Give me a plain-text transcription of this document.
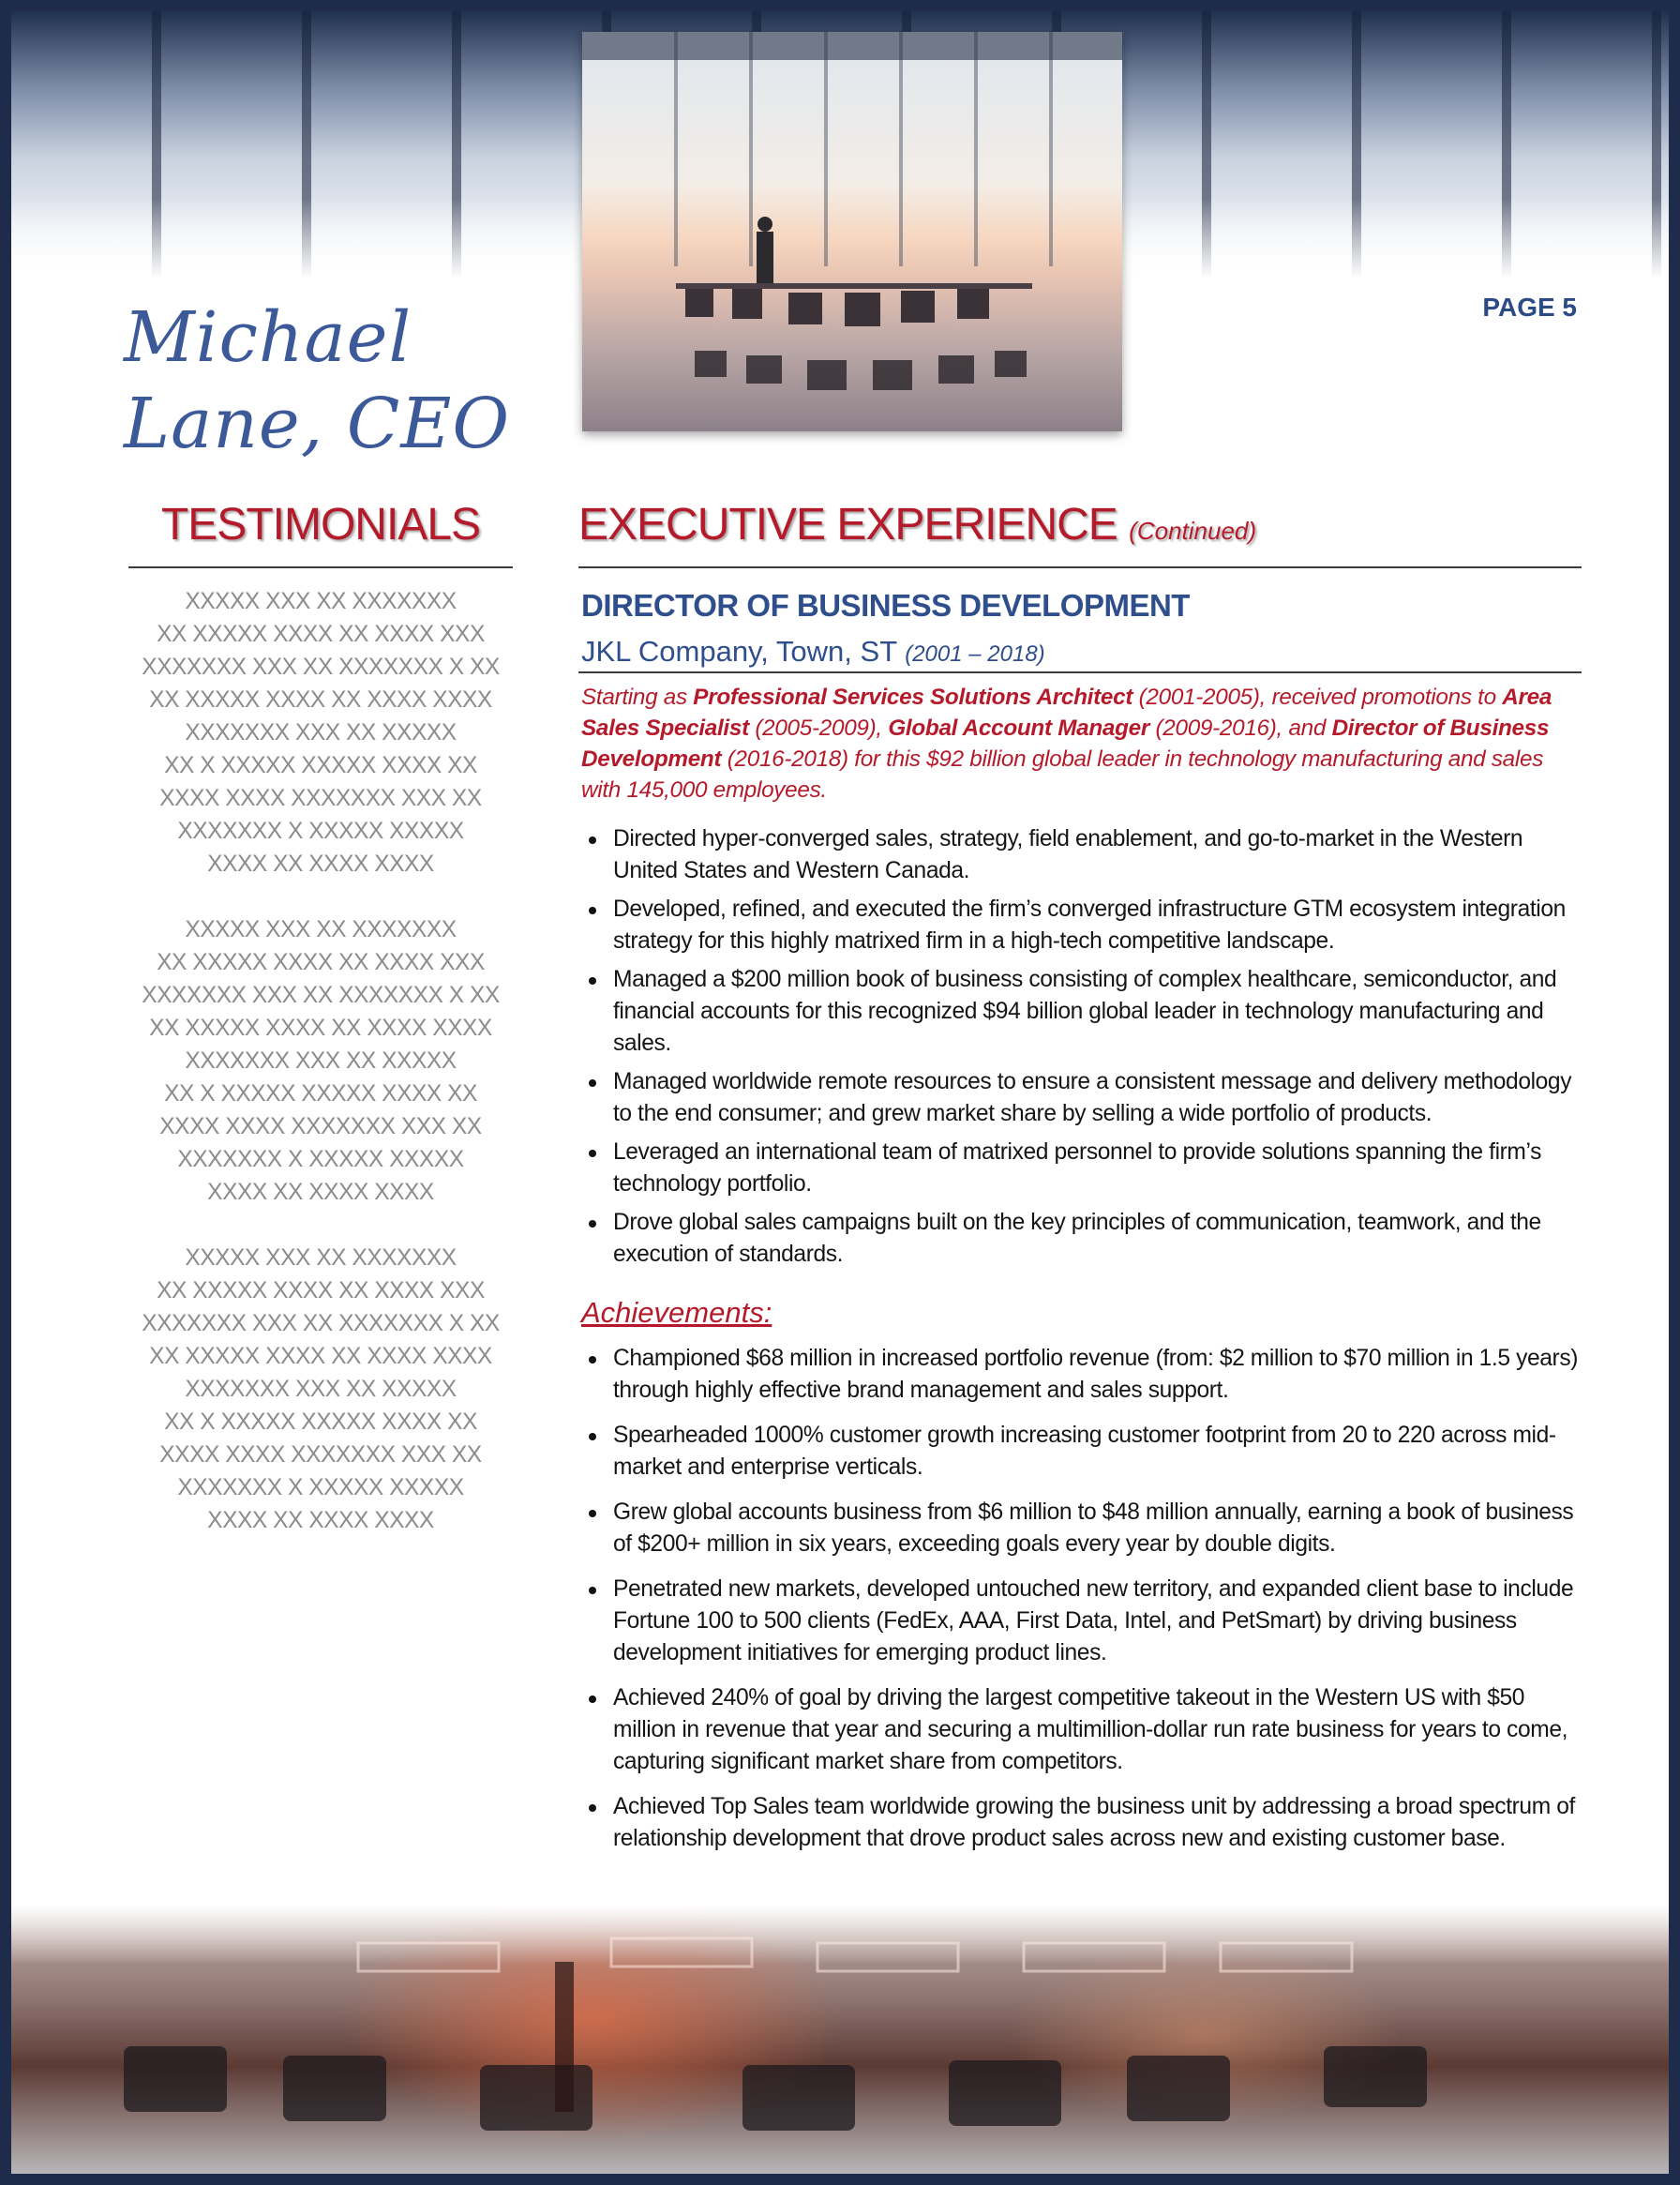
Michael
Lane, CEO
PAGE 5
TESTIMONIALS
XXXXX XXX XX XXXXXXX
XX XXXXX XXXX XX XXXX XXX
XXXXXXX XXX XX XXXXXXX X XX
XX XXXXX XXXX XX XXXX XXXX
XXXXXXX XXX XX XXXXX
XX X XXXXX XXXXX XXXX XX
XXXX XXXX XXXXXXX XXX XX
XXXXXXX X XXXXX XXXXX
XXXX XX XXXX XXXX
XXXXX XXX XX XXXXXXX
XX XXXXX XXXX XX XXXX XXX
XXXXXXX XXX XX XXXXXXX X XX
XX XXXXX XXXX XX XXXX XXXX
XXXXXXX XXX XX XXXXX
XX X XXXXX XXXXX XXXX XX
XXXX XXXX XXXXXXX XXX XX
XXXXXXX X XXXXX XXXXX
XXXX XX XXXX XXXX
XXXXX XXX XX XXXXXXX
XX XXXXX XXXX XX XXXX XXX
XXXXXXX XXX XX XXXXXXX X XX
XX XXXXX XXXX XX XXXX XXXX
XXXXXXX XXX XX XXXXX
XX X XXXXX XXXXX XXXX XX
XXXX XXXX XXXXXXX XXX XX
XXXXXXX X XXXXX XXXXX
XXXX XX XXXX XXXX
EXECUTIVE EXPERIENCE (Continued)
DIRECTOR OF BUSINESS DEVELOPMENT
JKL Company, Town, ST (2001 – 2018)
Starting as Professional Services Solutions Architect (2001-2005), received promotions to Area Sales Specialist (2005-2009), Global Account Manager (2009-2016), and Director of Business Development (2016-2018) for this $92 billion global leader in technology manufacturing and sales with 145,000 employees.
Directed hyper-converged sales, strategy, field enablement, and go-to-market in the Western United States and Western Canada.
Developed, refined, and executed the firm’s converged infrastructure GTM ecosystem integration strategy for this highly matrixed firm in a high-tech competitive landscape.
Managed a $200 million book of business consisting of complex healthcare, semiconductor, and financial accounts for this recognized $94 billion global leader in technology manufacturing and sales.
Managed worldwide remote resources to ensure a consistent message and delivery methodology to the end consumer; and grew market share by selling a wide portfolio of products.
Leveraged an international team of matrixed personnel to provide solutions spanning the firm’s technology portfolio.
Drove global sales campaigns built on the key principles of communication, teamwork, and the execution of standards.
Achievements:
Championed $68 million in increased portfolio revenue (from: $2 million to $70 million in 1.5 years) through highly effective brand management and sales support.
Spearheaded 1000% customer growth increasing customer footprint from 20 to 220 across mid-market and enterprise verticals.
Grew global accounts business from $6 million to $48 million annually, earning a book of business of $200+ million in six years, exceeding goals every year by double digits.
Penetrated new markets, developed untouched new territory, and expanded client base to include Fortune 100 to 500 clients (FedEx, AAA, First Data, Intel, and PetSmart) by driving business development initiatives for emerging product lines.
Achieved 240% of goal by driving the largest competitive takeout in the Western US with $50 million in revenue that year and securing a multimillion-dollar run rate business for years to come, capturing significant market share from competitors.
Achieved Top Sales team worldwide growing the business unit by addressing a broad spectrum of relationship development that drove product sales across new and existing customer base.
